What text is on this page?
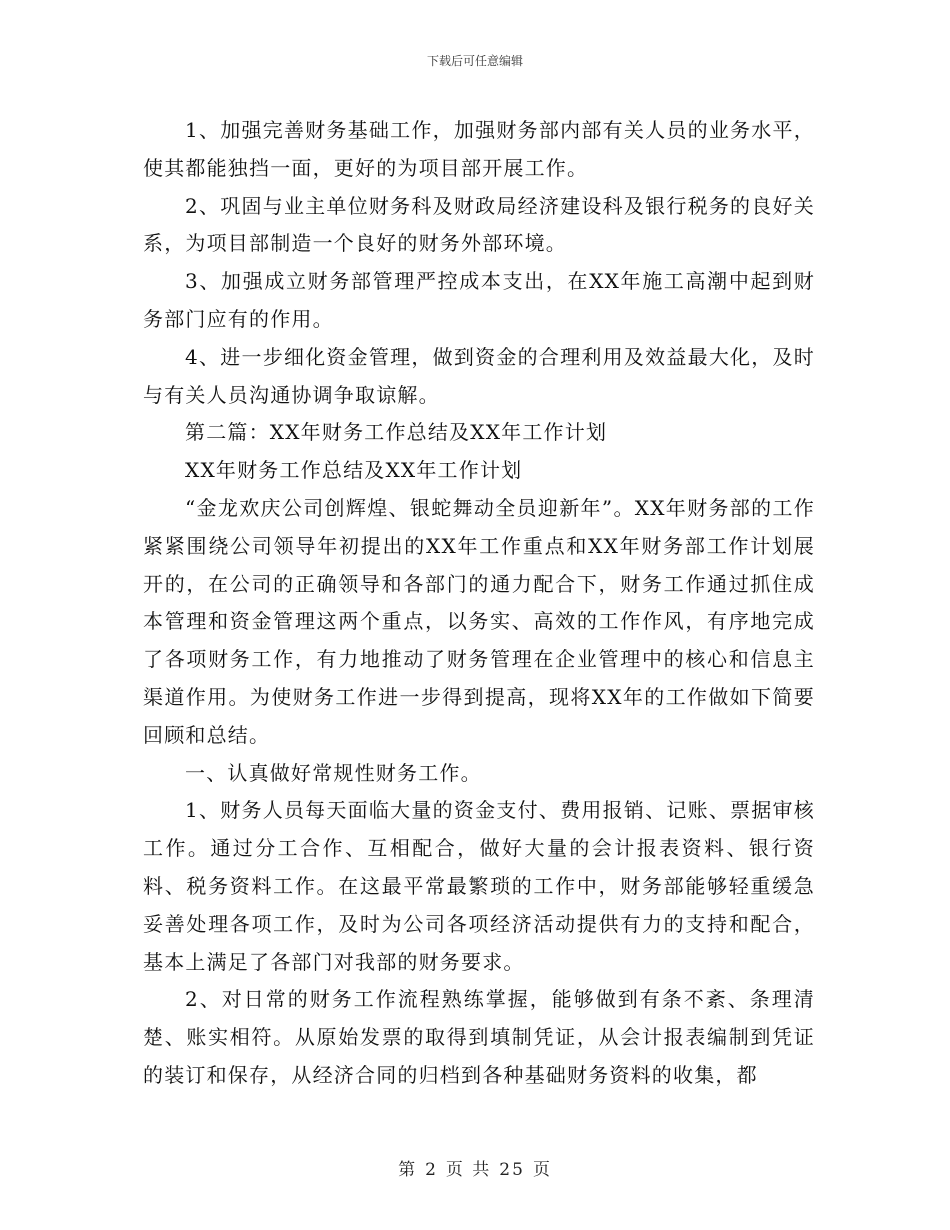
下载后可任意编辑

1、加强完善财务基础工作，加强财务部内部有关人员的业务水平，使其都能独挡一面，更好的为项目部开展工作。

2、巩固与业主单位财务科及财政局经济建设科及银行税务的良好关系，为项目部制造一个良好的财务外部环境。

3、加强成立财务部管理严控成本支出，在XX年施工高潮中起到财务部门应有的作用。

4、进一步细化资金管理，做到资金的合理利用及效益最大化，及时与有关人员沟通协调争取谅解。

第二篇：XX年财务工作总结及XX年工作计划

XX年财务工作总结及XX年工作计划

“金龙欢庆公司创辉煌、银蛇舞动全员迎新年”。XX年财务部的工作紧紧围绕公司领导年初提出的XX年工作重点和XX年财务部工作计划展开的，在公司的正确领导和各部门的通力配合下，财务工作通过抓住成本管理和资金管理这两个重点，以务实、高效的工作作风，有序地完成了各项财务工作，有力地推动了财务管理在企业管理中的核心和信息主渠道作用。为使财务工作进一步得到提高，现将XX年的工作做如下简要回顾和总结。

一、认真做好常规性财务工作。

1、财务人员每天面临大量的资金支付、费用报销、记账、票据审核工作。通过分工合作、互相配合，做好大量的会计报表资料、银行资料、税务资料工作。在这最平常最繁琐的工作中，财务部能够轻重缓急妥善处理各项工作，及时为公司各项经济活动提供有力的支持和配合，基本上满足了各部门对我部的财务要求。

2、对日常的财务工作流程熟练掌握，能够做到有条不紊、条理清楚、账实相符。从原始发票的取得到填制凭证，从会计报表编制到凭证的装订和保存，从经济合同的归档到各种基础财务资料的收集，都

第 2 页 共 25 页
